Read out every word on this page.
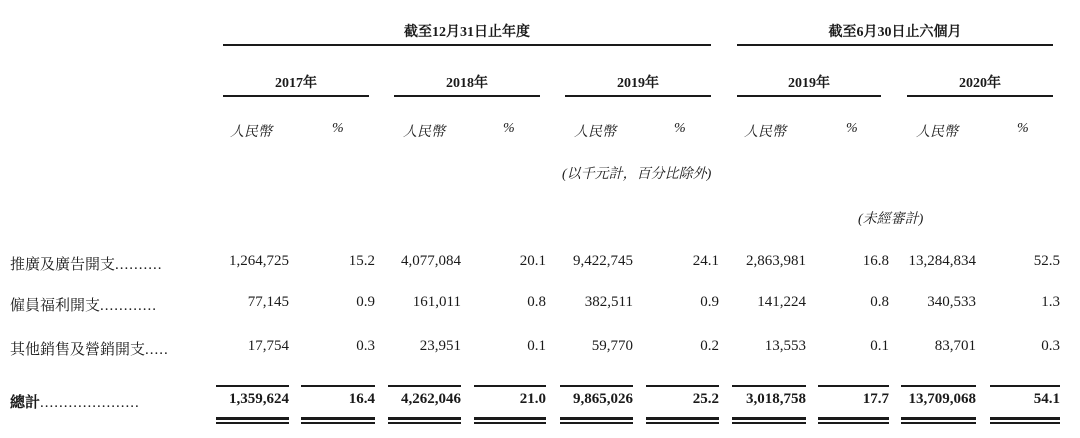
截至12月31日止年度	截至6月30日止六個月
2017年	2018年	2019年	2019年	2020年
人民幣	%	人民幣	%	人民幣	%	人民幣	%	人民幣	%
(以千元計，百分比除外)
(未經審計)
推廣及廣告開支..........	1,264,725	15.2 4,077,084	20.1 9,422,745	24.1 2,863,981	16.8 13,284,834	52.5
僱員福利開支............	77,145	0.9	161,011	0.8	382,511	0.9	141,224	0.8	340,533	1.3
其他銷售及營銷開支.....	17,754	0.3	23,951	0.1	59,770	0.2	13,553	0.1	83,701	0.3
總計.....................	1,359,624	16.4 4,262,046	21.0 9,865,026	25.2 3,018,758	17.7 13,709,068	54.1
